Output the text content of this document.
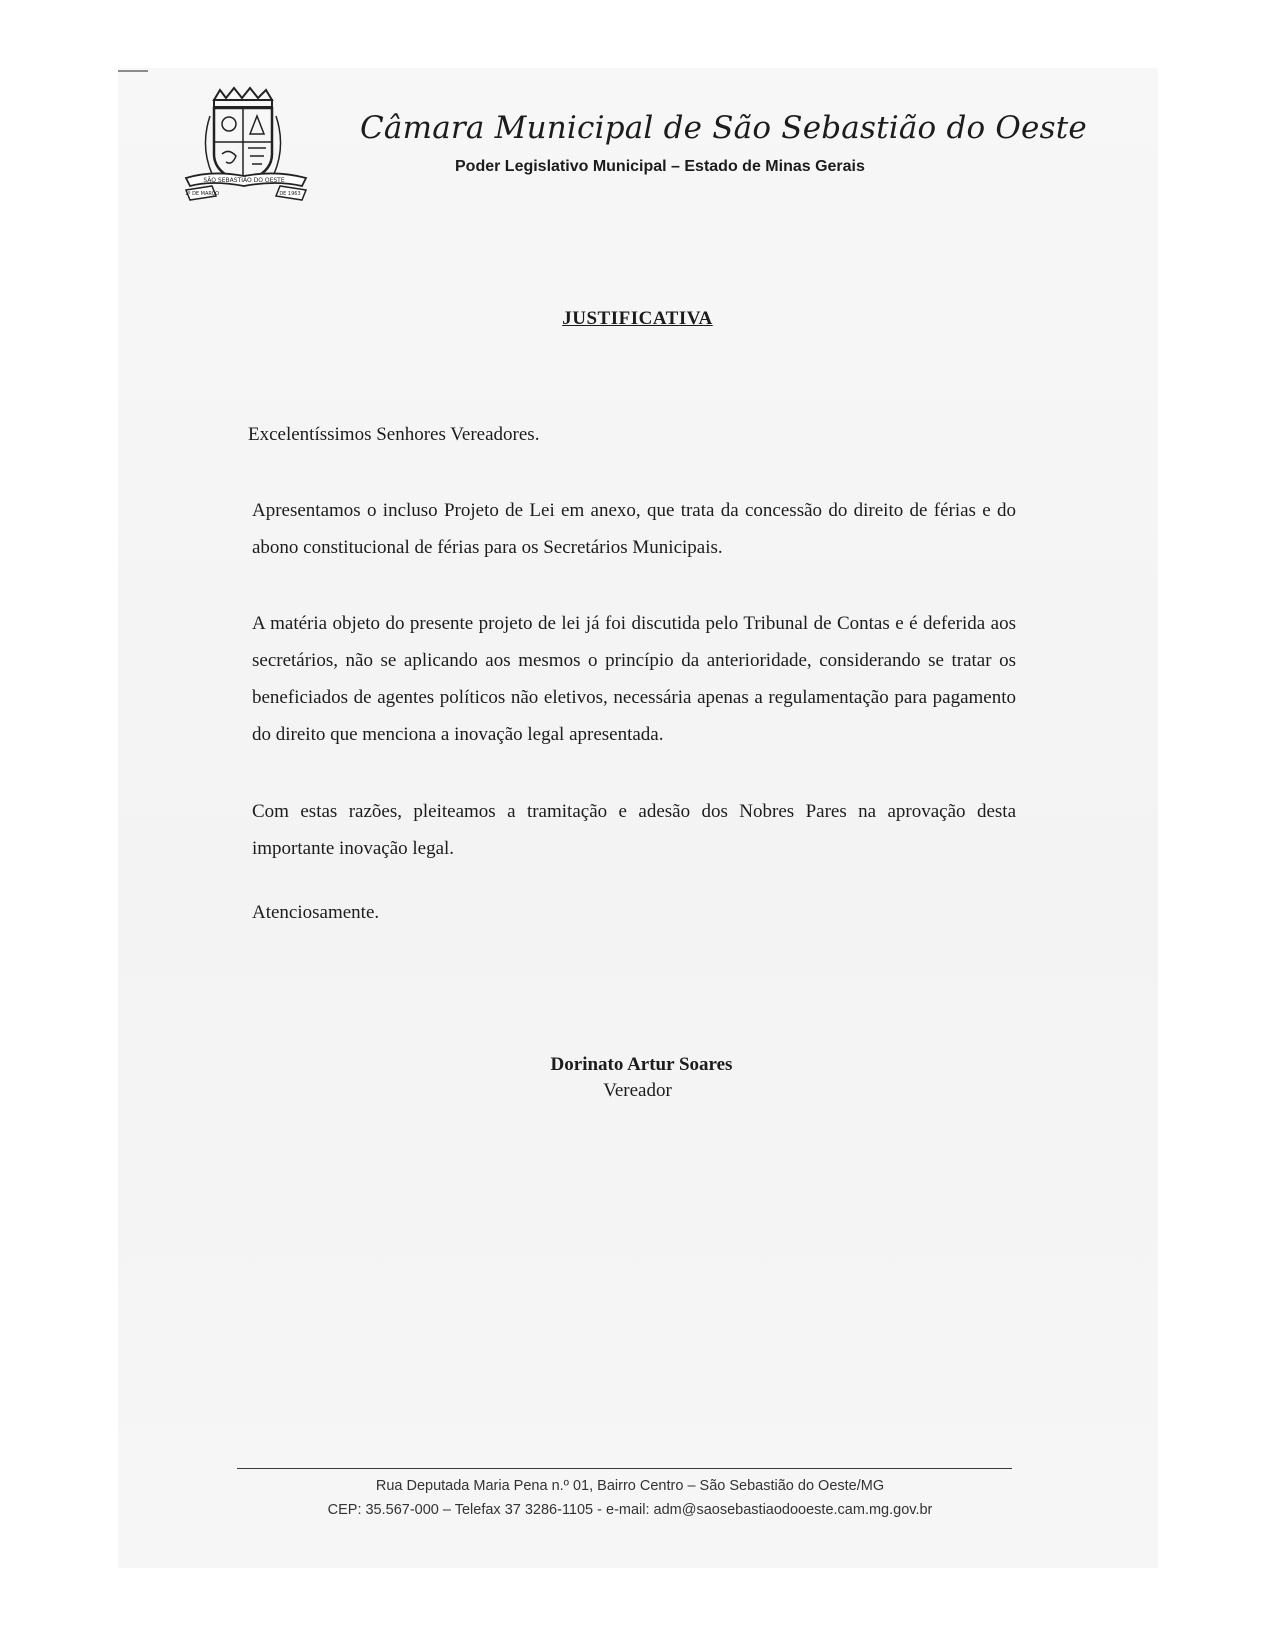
SÃO SEBASTIÃO DO OESTE
1º DE MARÇO	DE 1963
Câmara Municipal de São Sebastião do Oeste
Poder Legislativo Municipal – Estado de Minas Gerais
JUSTIFICATIVA
Excelentíssimos Senhores Vereadores.
Apresentamos o incluso Projeto de Lei em anexo, que trata da concessão do direito de férias e do abono constitucional de férias para os Secretários Municipais.
A matéria objeto do presente projeto de lei já foi discutida pelo Tribunal de Contas e é deferida aos secretários, não se aplicando aos mesmos o princípio da anterioridade, considerando se tratar os beneficiados de agentes políticos não eletivos, necessária apenas a regulamentação para pagamento do direito que menciona a inovação legal apresentada.
Com estas razões, pleiteamos a tramitação e adesão dos Nobres Pares na aprovação desta importante inovação legal.
Atenciosamente.
Dorinato Artur Soares
Vereador
Rua Deputada Maria Pena n.º 01, Bairro Centro – São Sebastião do Oeste/MG
CEP: 35.567-000 – Telefax 37 3286-1105 - e-mail: adm@saosebastiaodooeste.cam.mg.gov.br
